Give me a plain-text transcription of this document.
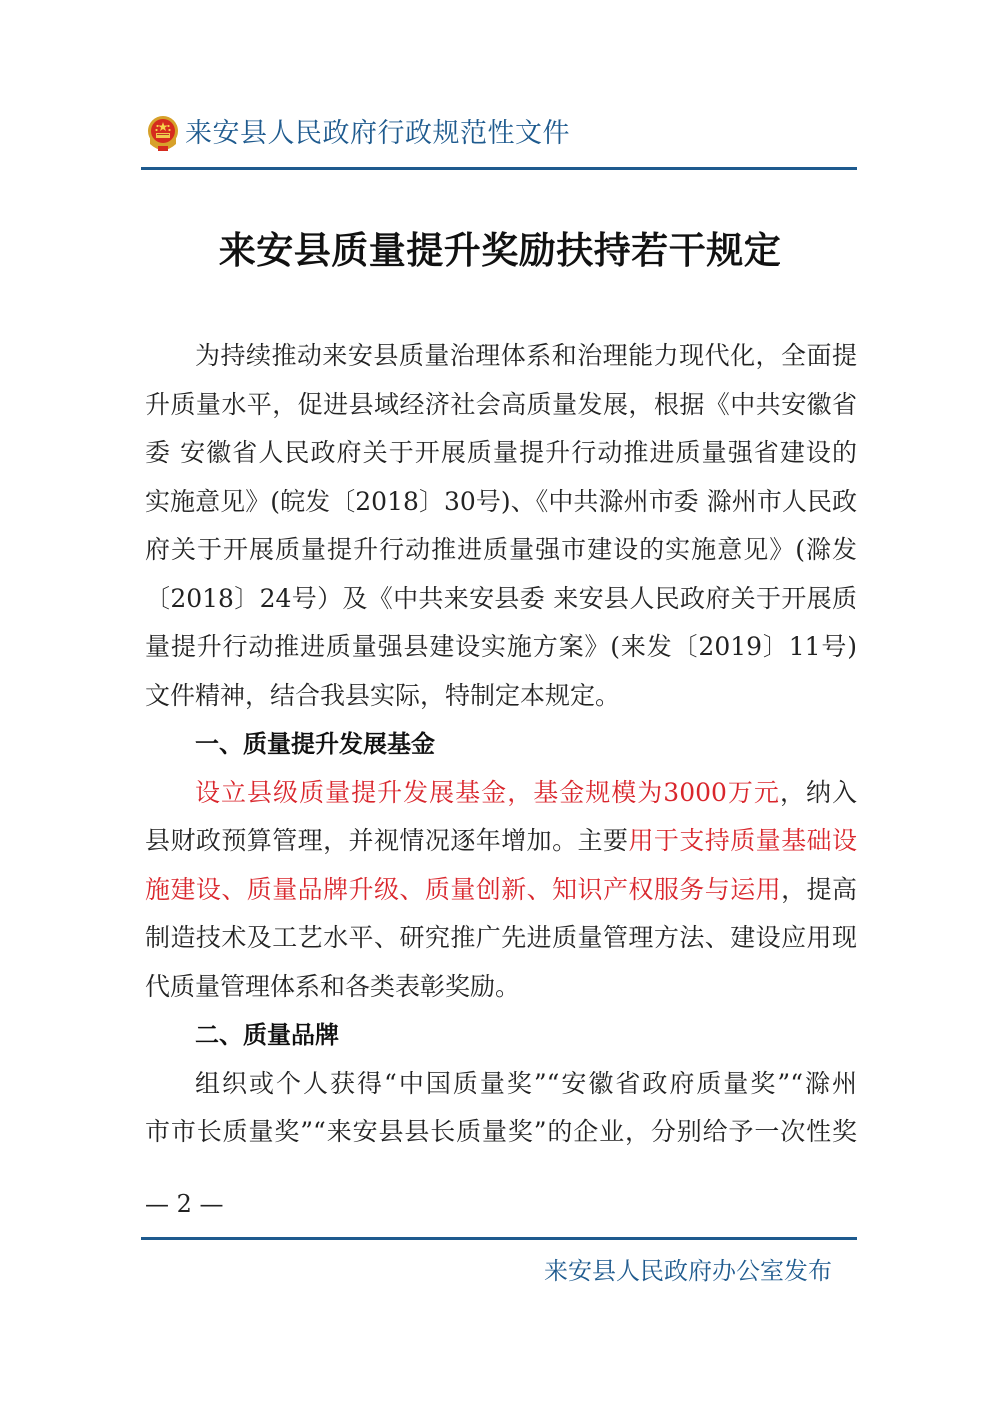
来安县人民政府行政规范性文件
来安县质量提升奖励扶持若干规定
为持续推动来安县质量治理体系和治理能力现代化，全面提
升质量水平，促进县域经济社会高质量发展，根据《中共安徽省
委 安徽省人民政府关于开展质量提升行动推进质量强省建设的
实施意见》(皖发〔2018〕30号)、《中共滁州市委 滁州市人民政
府关于开展质量提升行动推进质量强市建设的实施意见》(滁发
〔2018〕24号）及《中共来安县委 来安县人民政府关于开展质
量提升行动推进质量强县建设实施方案》(来发〔2019〕11号)
文件精神，结合我县实际，特制定本规定。
一、质量提升发展基金
设立县级质量提升发展基金，基金规模为3000万元，纳入
县财政预算管理，并视情况逐年增加。主要用于支持质量基础设
施建设、质量品牌升级、质量创新、知识产权服务与运用，提高
制造技术及工艺水平、研究推广先进质量管理方法、建设应用现
代质量管理体系和各类表彰奖励。
二、质量品牌
组织或个人获得“中国质量奖”“安徽省政府质量奖”“滁州
市市长质量奖”“来安县县长质量奖”的企业，分别给予一次性奖
— 2 —
来安县人民政府办公室发布
